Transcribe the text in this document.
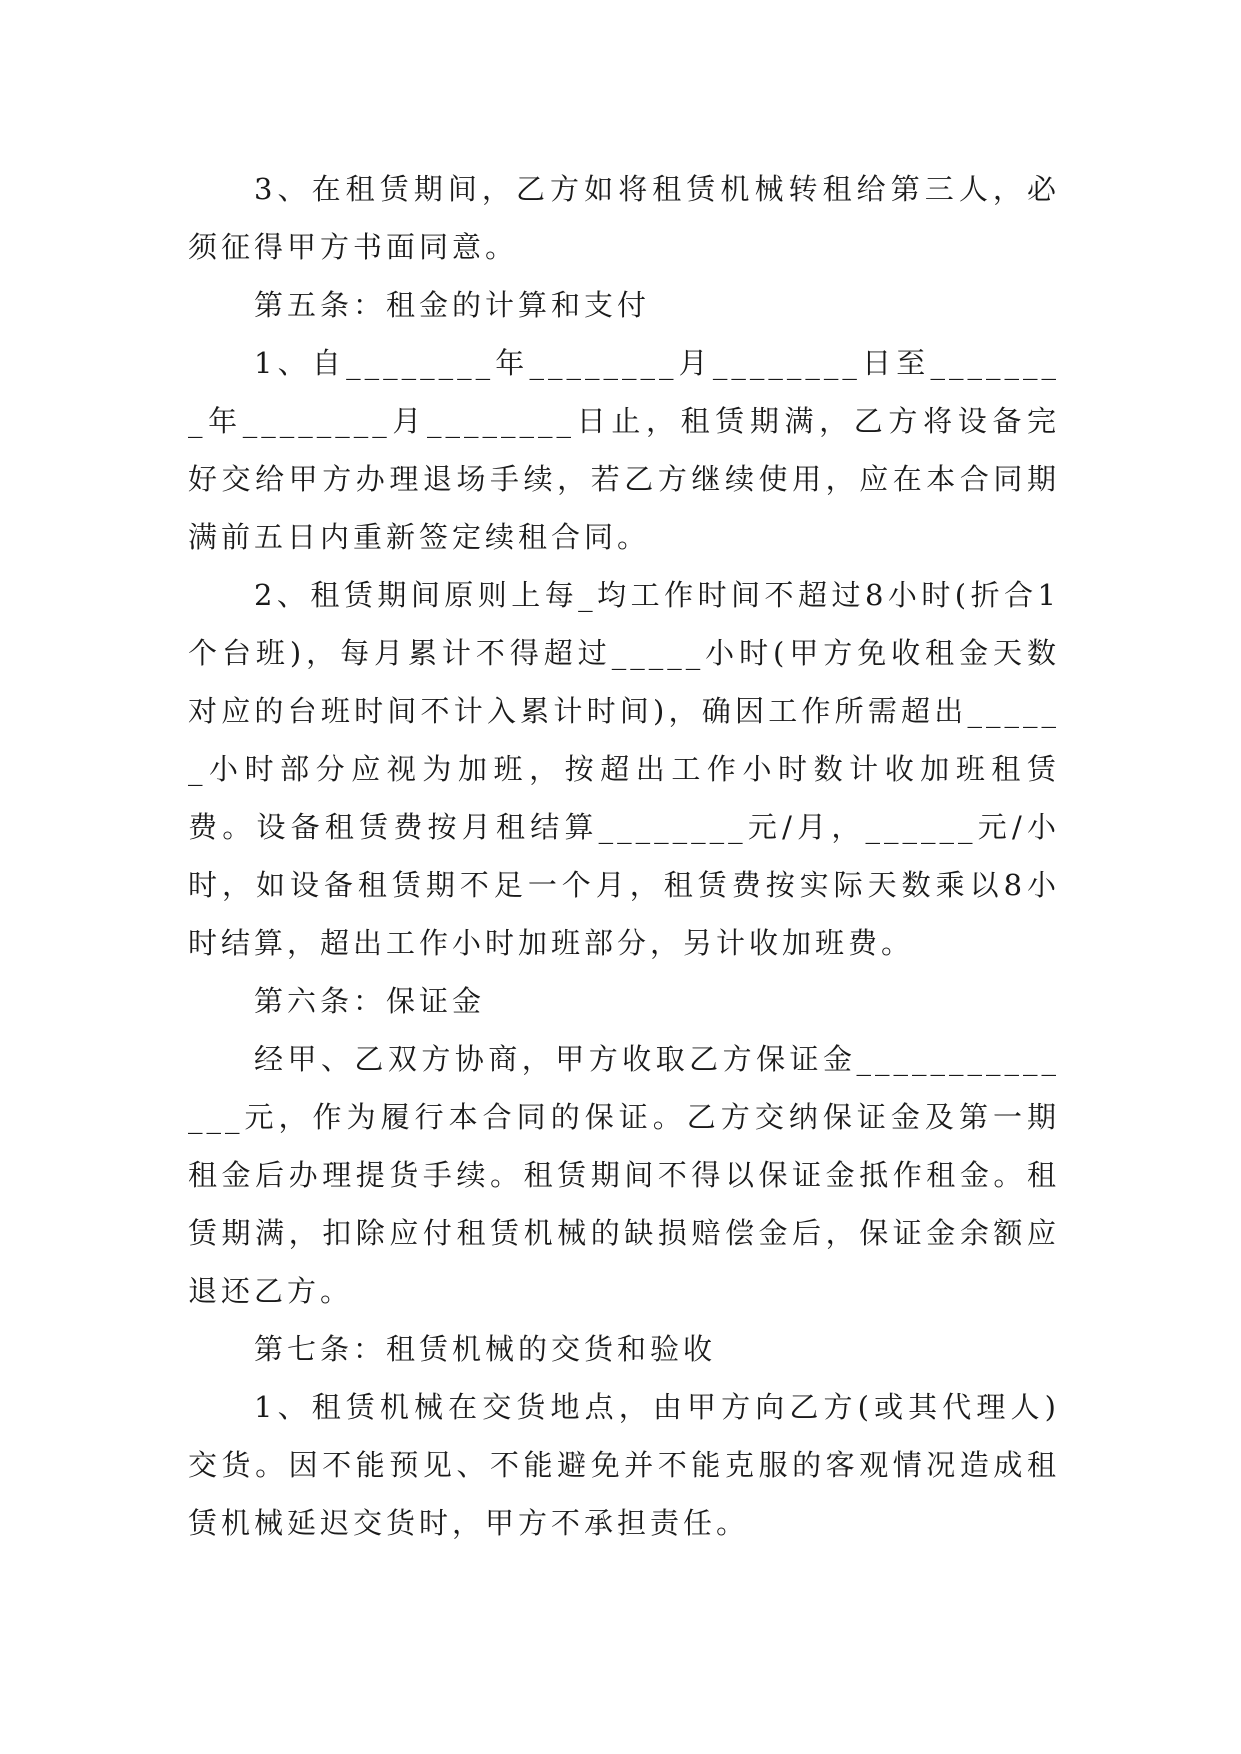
3、在租赁期间，乙方如将租赁机械转租给第三人，必须征得甲方书面同意。

第五条：租金的计算和支付

1、自________年________月________日至________年________月________日止，租赁期满，乙方将设备完好交给甲方办理退场手续，若乙方继续使用，应在本合同期满前五日内重新签定续租合同。

2、租赁期间原则上每_均工作时间不超过8小时(折合1个台班)，每月累计不得超过_____小时(甲方免收租金天数对应的台班时间不计入累计时间)，确因工作所需超出______小时部分应视为加班，按超出工作小时数计收加班租赁费。设备租赁费按月租结算________元/月，______元/小时，如设备租赁期不足一个月，租赁费按实际天数乘以8小时结算，超出工作小时加班部分，另计收加班费。

第六条：保证金

经甲、乙双方协商，甲方收取乙方保证金______________元，作为履行本合同的保证。乙方交纳保证金及第一期租金后办理提货手续。租赁期间不得以保证金抵作租金。租赁期满，扣除应付租赁机械的缺损赔偿金后，保证金余额应退还乙方。

第七条：租赁机械的交货和验收

1、租赁机械在交货地点，由甲方向乙方(或其代理人)交货。因不能预见、不能避免并不能克服的客观情况造成租赁机械延迟交货时，甲方不承担责任。
